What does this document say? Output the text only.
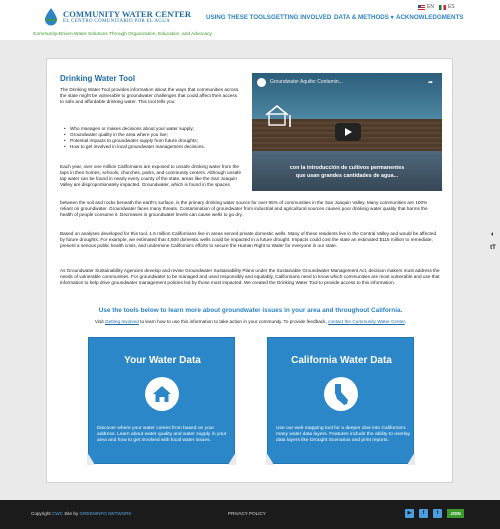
COMMUNITY WATER CENTER
EL CENTRO COMUNITARIO POR EL AGUA
EN	ES
USING THESE TOOLS GETTING INVOLVED DATA & METHODS ▾ ACKNOWLEDGMENTS
Community-Driven Water Solutions Through Organization, Education, and Advocacy
Drinking Water Tool
The Drinking Water Tool provides information about the ways that communities across the state might be vulnerable to groundwater challenges that could affect their access to safe and affordable drinking water. This tool tells you:
• Who manages or makes decisions about your water supply;
• Groundwater quality in the area where you live;
• Potential impacts to groundwater supply from future droughts;
• How to get involved in local groundwater management decisions.
Each year, over one million Californians are exposed to unsafe drinking water from the taps in their homes, schools, churches, parks, and community centers. Although unsafe tap water can be found in nearly every county of the state, areas like the San Joaquin Valley are disproportionately impacted. Groundwater, which is found in the spaces
between the soil and rocks beneath the earth's surface, is the primary drinking water source for over 95% of communities in the San Joaquin Valley. Many communities are 100% reliant on groundwater. Groundwater faces many threats. Contamination of groundwater from industrial and agricultural sources causes poor drinking water quality that harms the health of people consume it. Decreases in groundwater levels can cause wells to go dry.
Based on analyses developed for this tool, 1.6 million Californians live in areas served private domestic wells. Many of these residents live in the Central Valley and would be affected by future droughts. For example, we estimated that 4,500 domestic wells could be impacted in a future drought. Impacts could cost the state an estimated $115 million to remediate, present a serious public health crisis, and undermine California's efforts to secure the Human Right to Water for everyone in our state.
As Groundwater Sustainability Agencies develop and revise Groundwater Sustainability Plans under the Sustainable Groundwater Management Act, decision makers must address the needs of vulnerable communities. For groundwater to be managed and used responsibly and equitably, Californians need to know which communities are most vulnerable and use that information to help drive groundwater management policies led by those most impacted. We created the Drinking Water Tool to provide access to this information.
Groundwater Aquifer Contamin...	➦
con la introducción de cultivos permanentes
que usan grandes cantidades de agua...
Use the tools below to learn more about groundwater issues in your area and throughout California.
Visit Getting Involved to learn how to use this information to take action in your community. To provide feedback, contact the Community Water Center.
Your Water Data
Discover where your water comes from based on your address. Learn about water quality and water supply in your area and how to get involved with local water issues.
California Water Data
Use our web mapping tool for a deeper dive into California's many water data layers. Features include the ability to overlay data layers like Drought Scenarios and print reports.
◐
tT
Copyright CWC Site by GREENINFO NETWORK	PRIVACY POLICY	▶	f	t	JOIN
